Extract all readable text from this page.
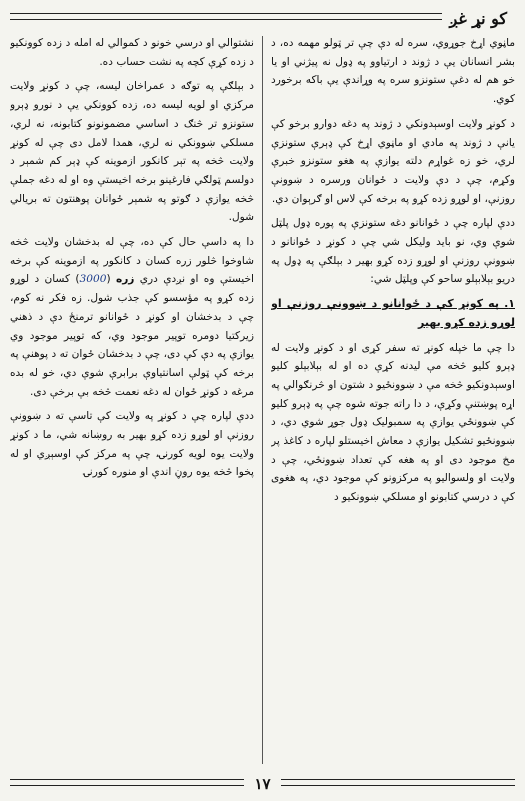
کو نړ غږ

ماڼوي اړخ جوړوي، سره له دې چې تر ټولو مهمه ده، د بشر انسانان يې د ژوند د ارتياوو په ډول نه پيژني او يا خو هم له دغې ستونزو سره په وړاندې يې باکه برخورد کوي.

د کونړ ولايت اوسېدونکي د ژوند په دغه دوارو برخو کې يانې د ژوند په مادي او ماڼوي اړخ کې ډېرې ستونزې لري، خو زه غواړم دلته يوازې په هغو ستونزو خبرې وکړم، چې د دې ولايت د ځوانان ورسره د ښوونې روزنې، او لوړو زده کړو په برخه کې لاس او ګرېوان دي.

ددې لپاره چې د ځوانانو دغه ستونزې په پوره ډول پلټل شوې وي، نو بايد وليکل شي چې د کونړ د ځوانانو د ښوونې روزنې او لوړو زده کړو بهير د بېلګې په ډول په دريو بېلابېلو ساحو کې وپلټل شي:

۱. په کونړ کې د ځوانانو د ښوونې روزنې او لوړو زده کړو بهير

دا چې ما خپله کونړ ته سفر کړی او د کونړ ولايت له ډېرو کليو څخه مې ليدنه کړې ده او له بېلابېلو کليو اوسېدونکيو څخه مې د ښوونځيو د شتون او څرنګوالي په اړه پوښتنې وکړې، د دا راته جوته شوه چې په ډېرو کليو کې ښوونځي يوازې په سمبوليک ډول جوړ شوي دي، د ښوونځيو تشکيل يوازې د معاش اخيستلو لپاره د کاغذ پر مخ موجود دی او په هغه کې تعداد ښوونځي، چې د ولايت او ولسواليو په مرکزونو کې موجود دي، په هغوی کې د درسي کتابونو او مسلکي ښوونکيو د

نشتوالي او درسي خونو د کموالي له امله د زده کوونکيو د زده کړې کچه په نشت حساب ده.

د بېلګې په توګه د عمراخان ليسه، چې د کونړ ولايت مرکزي او لويه ليسه ده، زده کوونکي يې د نورو ډېرو ستونزو تر څنګ د اساسي مضمونونو کتابونه، نه لري، مسلکي ښوونکي نه لري، همدا لامل دی چې له کونړ ولايت څخه په تېر کانکور ازموينه کې ډېر کم شمېر د دولسم ټولګي فارغينو برخه اخيستې وه او له دغه جملې څخه يوازې د ګوتو په شمېر ځوانان پوهنتون ته بريالي شول.

دا په داسې حال کې ده، چې له بدخشان ولايت څخه شاوخوا څلور زره کسان د کانکور په ازموينه کې برخه اخيستې وه او نږدې دري زره (3000) کسان د لوړو زده کړو په مؤسسو کې جذب شول. زه فکر نه کوم، چې د بدخشان او کونړ د ځوانانو ترمنځ دې د ذهني زيرکتيا دومره توپير موجود وي، که توپير موجود وي يوازې په دې کې دی، چې د بدخشان ځوان ته د پوهنې په برخه کې ټولې اسانتياوې برابرې شوې دي، خو له بده مرغه د کونړ ځوان له دغه نعمت څخه بې برخې دی.

ددې لپاره چې د کونړ په ولايت کې تاسې ته د ښوونې روزنې او لوړو زده کړو بهير به روښانه شي، ما د کونړ ولايت يوه لويه کورنۍ، چې په مرکز کې اوسېږي او له پخوا څخه يوه روڼ اندې او منوره کورنۍ

۱۷
